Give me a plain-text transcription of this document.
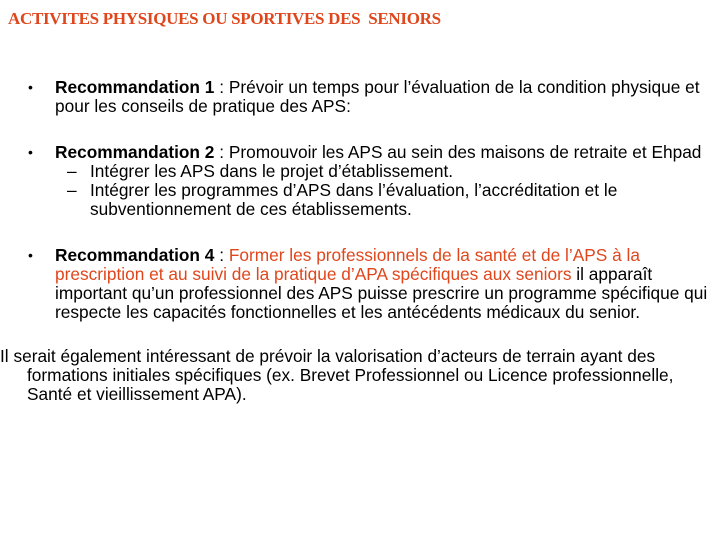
ACTIVITES PHYSIQUES OU SPORTIVES DES  SENIORS
• Recommandation 1 : Prévoir un temps pour l’évaluation de la condition physique et pour les conseils de pratique des APS:
• Recommandation 2 : Promouvoir les APS au sein des maisons de retraite et Ehpad
– Intégrer les APS dans le projet d’établissement.
– Intégrer les programmes d’APS dans l’évaluation, l’accréditation et le subventionnement de ces établissements.
• Recommandation 4 : Former les professionnels de la santé et de l’APS à la prescription et au suivi de la pratique d’APA spécifiques aux seniors il apparaît important qu’un professionnel des APS puisse prescrire un programme spécifique qui respecte les capacités fonctionnelles et les antécédents médicaux du senior.
Il serait également intéressant de prévoir la valorisation d’acteurs de terrain ayant des formations initiales spécifiques (ex. Brevet Professionnel ou Licence professionnelle, Santé et vieillissement APA).
